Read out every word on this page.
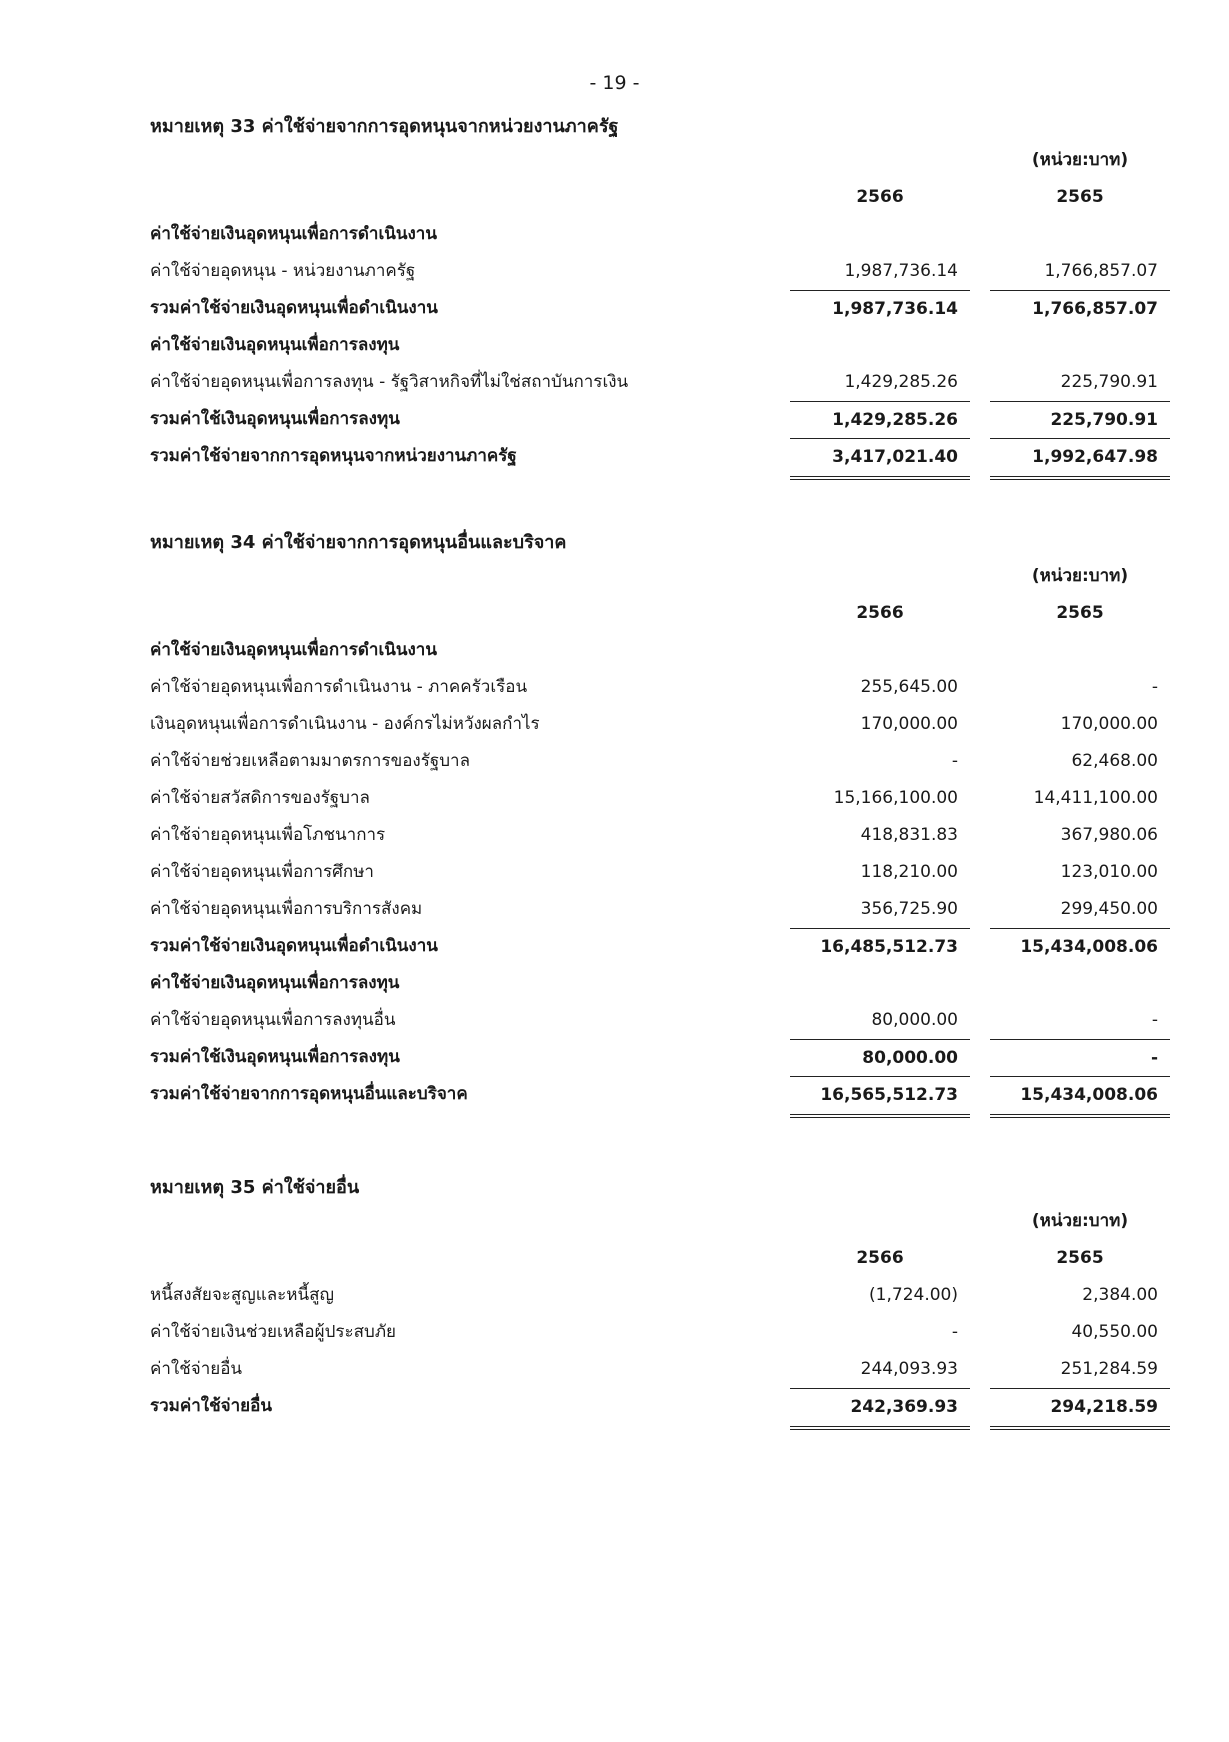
- 19 -
หมายเหตุ 33 ค่าใช้จ่ายจากการอุดหนุนจากหน่วยงานภาครัฐ
(หน่วย:บาท)
2566	2565
ค่าใช้จ่ายเงินอุดหนุนเพื่อการดำเนินงาน
ค่าใช้จ่ายอุดหนุน - หน่วยงานภาครัฐ	1,987,736.14	1,766,857.07
รวมค่าใช้จ่ายเงินอุดหนุนเพื่อดำเนินงาน	1,987,736.14	1,766,857.07
ค่าใช้จ่ายเงินอุดหนุนเพื่อการลงทุน
ค่าใช้จ่ายอุดหนุนเพื่อการลงทุน - รัฐวิสาหกิจที่ไม่ใช่สถาบันการเงิน	1,429,285.26	225,790.91
รวมค่าใช้เงินอุดหนุนเพื่อการลงทุน	1,429,285.26	225,790.91
รวมค่าใช้จ่ายจากการอุดหนุนจากหน่วยงานภาครัฐ	3,417,021.40	1,992,647.98
หมายเหตุ 34 ค่าใช้จ่ายจากการอุดหนุนอื่นและบริจาค
(หน่วย:บาท)
2566	2565
ค่าใช้จ่ายเงินอุดหนุนเพื่อการดำเนินงาน
ค่าใช้จ่ายอุดหนุนเพื่อการดำเนินงาน - ภาคครัวเรือน	255,645.00	-
เงินอุดหนุนเพื่อการดำเนินงาน - องค์กรไม่หวังผลกำไร	170,000.00	170,000.00
ค่าใช้จ่ายช่วยเหลือตามมาตรการของรัฐบาล	-	62,468.00
ค่าใช้จ่ายสวัสดิการของรัฐบาล	15,166,100.00	14,411,100.00
ค่าใช้จ่ายอุดหนุนเพื่อโภชนาการ	418,831.83	367,980.06
ค่าใช้จ่ายอุดหนุนเพื่อการศึกษา	118,210.00	123,010.00
ค่าใช้จ่ายอุดหนุนเพื่อการบริการสังคม	356,725.90	299,450.00
รวมค่าใช้จ่ายเงินอุดหนุนเพื่อดำเนินงาน	16,485,512.73	15,434,008.06
ค่าใช้จ่ายเงินอุดหนุนเพื่อการลงทุน
ค่าใช้จ่ายอุดหนุนเพื่อการลงทุนอื่น	80,000.00	-
รวมค่าใช้เงินอุดหนุนเพื่อการลงทุน	80,000.00	-
รวมค่าใช้จ่ายจากการอุดหนุนอื่นและบริจาค	16,565,512.73	15,434,008.06
หมายเหตุ 35 ค่าใช้จ่ายอื่น
(หน่วย:บาท)
2566	2565
หนี้สงสัยจะสูญและหนี้สูญ	(1,724.00)	2,384.00
ค่าใช้จ่ายเงินช่วยเหลือผู้ประสบภัย	-	40,550.00
ค่าใช้จ่ายอื่น	244,093.93	251,284.59
รวมค่าใช้จ่ายอื่น	242,369.93	294,218.59
